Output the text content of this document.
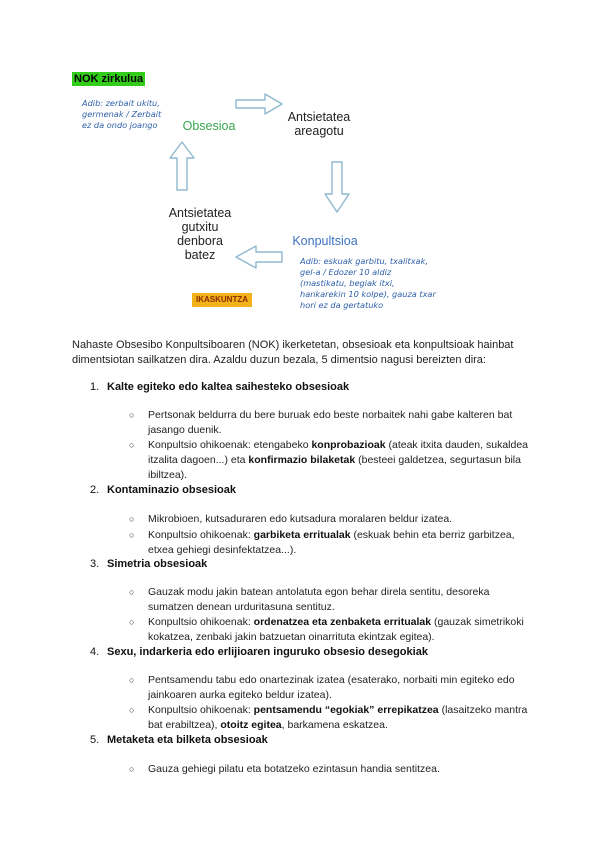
NOK zirkulua
Adib: zerbait ukitu,
germenak / Zerbait
ez da ondo joango	Obsesioa
Antsietatea
areagotu
Konpultsioa
Antsietatea
gutxitu
denbora
batez	Adib: eskuak garbitu, txalitxak,
gel-a / Edozer 10 aldiz
(mastikatu, begiak itxi,
hankarekin 10 kolpe), gauza txar
hori ez da gertatuko
IKASKUNTZA
Nahaste Obsesibo Konpultsiboaren (NOK) ikerketetan, obsesioak eta konpultsioak hainbat dimentsiotan sailkatzen dira. Azaldu duzun bezala, 5 dimentsio nagusi bereizten dira:
1. Kalte egiteko edo kaltea saihesteko obsesioak
○ Pertsonak beldurra du bere buruak edo beste norbaitek nahi gabe kalteren bat jasango duenik.
○ Konpultsio ohikoenak: etengabeko konprobazioak (ateak itxita dauden, sukaldea itzalita dagoen...) eta konfirmazio bilaketak (besteei galdetzea, segurtasun bila ibiltzea).
2. Kontaminazio obsesioak
○ Mikrobioen, kutsaduraren edo kutsadura moralaren beldur izatea.
○ Konpultsio ohikoenak: garbiketa erritualak (eskuak behin eta berriz garbitzea, etxea gehiegi desinfektatzea...).
3. Simetria obsesioak
○ Gauzak modu jakin batean antolatuta egon behar direla sentitu, desoreka sumatzen denean urduritasuna sentituz.
○ Konpultsio ohikoenak: ordenatzea eta zenbaketa erritualak (gauzak simetrikoki kokatzea, zenbaki jakin batzuetan oinarrituta ekintzak egitea).
4. Sexu, indarkeria edo erlijioaren inguruko obsesio desegokiak
○ Pentsamendu tabu edo onartezinak izatea (esaterako, norbaiti min egiteko edo jainkoaren aurka egiteko beldur izatea).
○ Konpultsio ohikoenak: pentsamendu “egokiak” errepikatzea (lasaitzeko mantra bat erabiltzea), otoitz egitea, barkamena eskatzea.
5. Metaketa eta bilketa obsesioak
○ Gauza gehiegi pilatu eta botatzeko ezintasun handia sentitzea.
